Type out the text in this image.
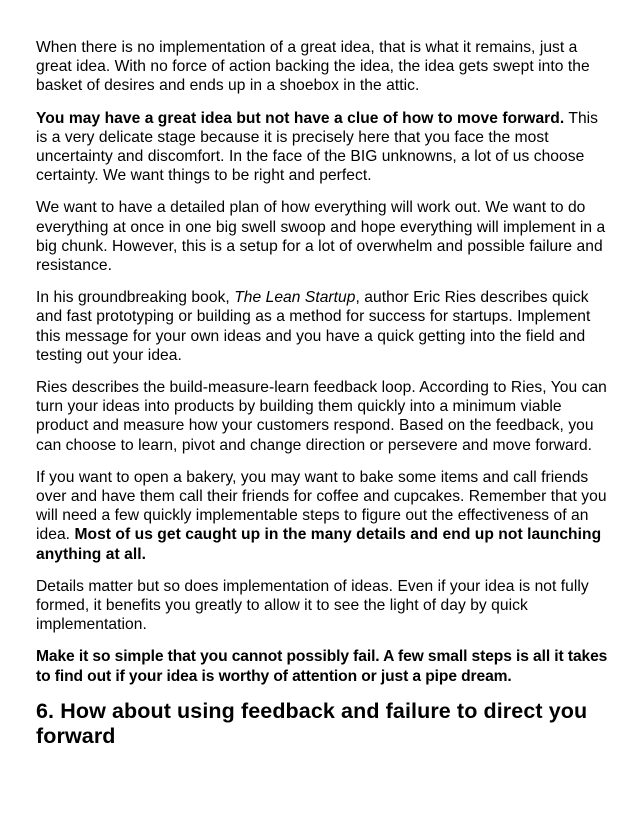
When there is no implementation of a great idea, that is what it remains, just a great idea. With no force of action backing the idea, the idea gets swept into the basket of desires and ends up in a shoebox in the attic.

You may have a great idea but not have a clue of how to move forward. This is a very delicate stage because it is precisely here that you face the most uncertainty and discomfort. In the face of the BIG unknowns, a lot of us choose certainty. We want things to be right and perfect.

We want to have a detailed plan of how everything will work out. We want to do everything at once in one big swell swoop and hope everything will implement in a big chunk. However, this is a setup for a lot of overwhelm and possible failure and resistance.

In his groundbreaking book, The Lean Startup, author Eric Ries describes quick and fast prototyping or building as a method for success for startups. Implement this message for your own ideas and you have a quick getting into the field and testing out your idea.

Ries describes the build-measure-learn feedback loop. According to Ries, You can turn your ideas into products by building them quickly into a minimum viable product and measure how your customers respond. Based on the feedback, you can choose to learn, pivot and change direction or persevere and move forward.

If you want to open a bakery, you may want to bake some items and call friends over and have them call their friends for coffee and cupcakes. Remember that you will need a few quickly implementable steps to figure out the effectiveness of an idea. Most of us get caught up in the many details and end up not launching anything at all.

Details matter but so does implementation of ideas. Even if your idea is not fully formed, it benefits you greatly to allow it to see the light of day by quick implementation.

Make it so simple that you cannot possibly fail. A few small steps is all it takes to find out if your idea is worthy of attention or just a pipe dream.

6. How about using feedback and failure to direct you forward
